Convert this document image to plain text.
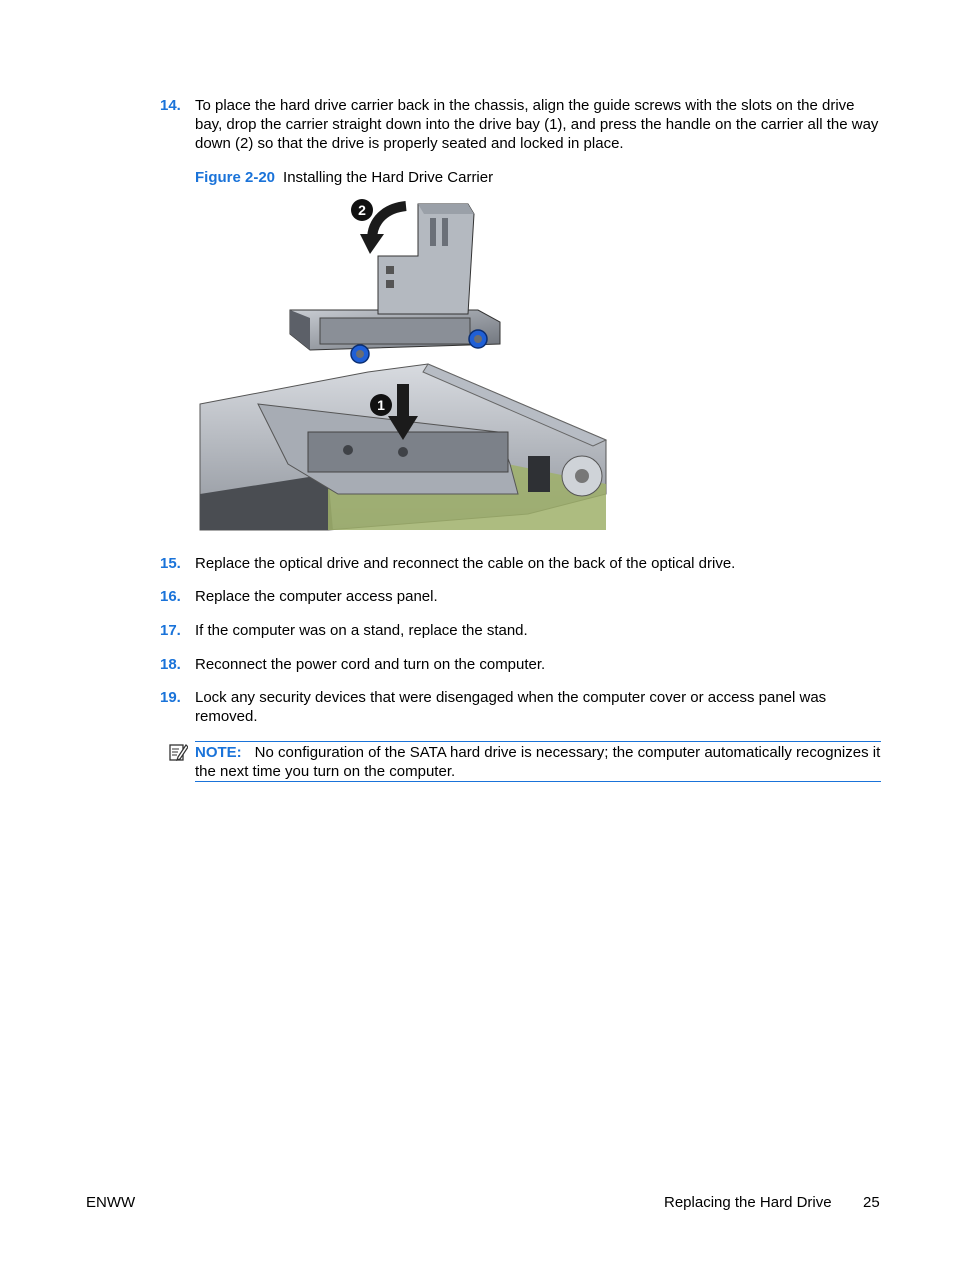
14. To place the hard drive carrier back in the chassis, align the guide screws with the slots on the drive bay, drop the carrier straight down into the drive bay (1), and press the handle on the carrier all the way down (2) so that the drive is properly seated and locked in place.
Figure 2-20 Installing the Hard Drive Carrier
2
1
15. Replace the optical drive and reconnect the cable on the back of the optical drive.
16. Replace the computer access panel.
17. If the computer was on a stand, replace the stand.
18. Reconnect the power cord and turn on the computer.
19. Lock any security devices that were disengaged when the computer cover or access panel was removed.
NOTE: No configuration of the SATA hard drive is necessary; the computer automatically recognizes it the next time you turn on the computer.
ENWW	Replacing the Hard Drive 25
